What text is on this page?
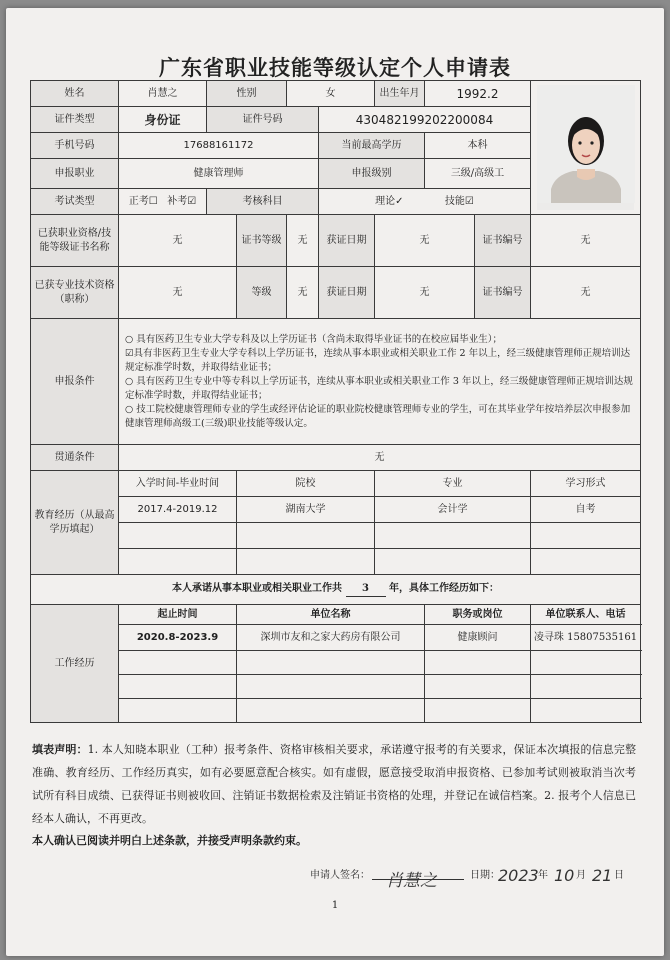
广东省职业技能等级认定个人申请表
姓名	肖慧之	性别		女		出生年月	1992.2	

证件类型	身份证	证件号码			430482199202200084				
手机号码	17688161172				当前最高学历		本科		
申报职业	健康管理师				申报级别		三级/高级工		
考试类型	正考☐ 补考☑	考核科目			理论✓ 技能☑				
已获职业资格/技能等级证书名称	无		证书等级	无	获证日期	无		证书编号	无
已获专业技术资格（职称）	无		等级	无	获证日期	无		证书编号	无
申报条件	○ 具有医药卫生专业大学专科及以上学历证书（含尚未取得毕业证书的在校应届毕业生）；
☑具有非医药卫生专业大学专科以上学历证书，连续从事本职业或相关职业工作 2 年以上，经三级健康管理师正规培训达规定标准学时数，并取得结业证书；
○ 具有医药卫生专业中等专科以上学历证书，连续从事本职业或相关职业工作 3 年以上，经三级健康管理师正规培训达规定标准学时数，并取得结业证书；
○ 技工院校健康管理师专业的学生或经评估论证的职业院校健康管理师专业的学生，可在其毕业学年按培养层次申报参加健康管理师高级工(三级)职业技能等级认定。								

贯通条件	无								
教育经历（从最高学历填起）	入学时间-毕业时间		院校			专业			学习形式
	2017.4-2019.12		湖南大学			会计学			自考

本人承诺从事本职业或相关职业工作共 3 年，具体工作经历如下：									
工作经历	起止时间		单位名称				职务或岗位		单位联系人、电话
	2020.8-2023.9		深圳市友和之家大药房有限公司				健康顾问		凌寻珠 15807535161

填表声明：1. 本人知晓本职业（工种）报考条件、资格审核相关要求，承诺遵守报考的有关要求，保证本次填报的信息完整准确、教育经历、工作经历真实，如有必要愿意配合核实。如有虚假，愿意接受取消申报资格、已参加考试则被取消当次考试所有科目成绩、已获得证书则被收回、注销证书数据检索及注销证书资格的处理，并登记在诚信档案。2. 报考个人信息已经本人确认，不再更改。
本人确认已阅读并明白上述条款，并接受声明条款约束。
申请人签名： 肖慧之	日期：
2023 年 10 月 21 日
1
